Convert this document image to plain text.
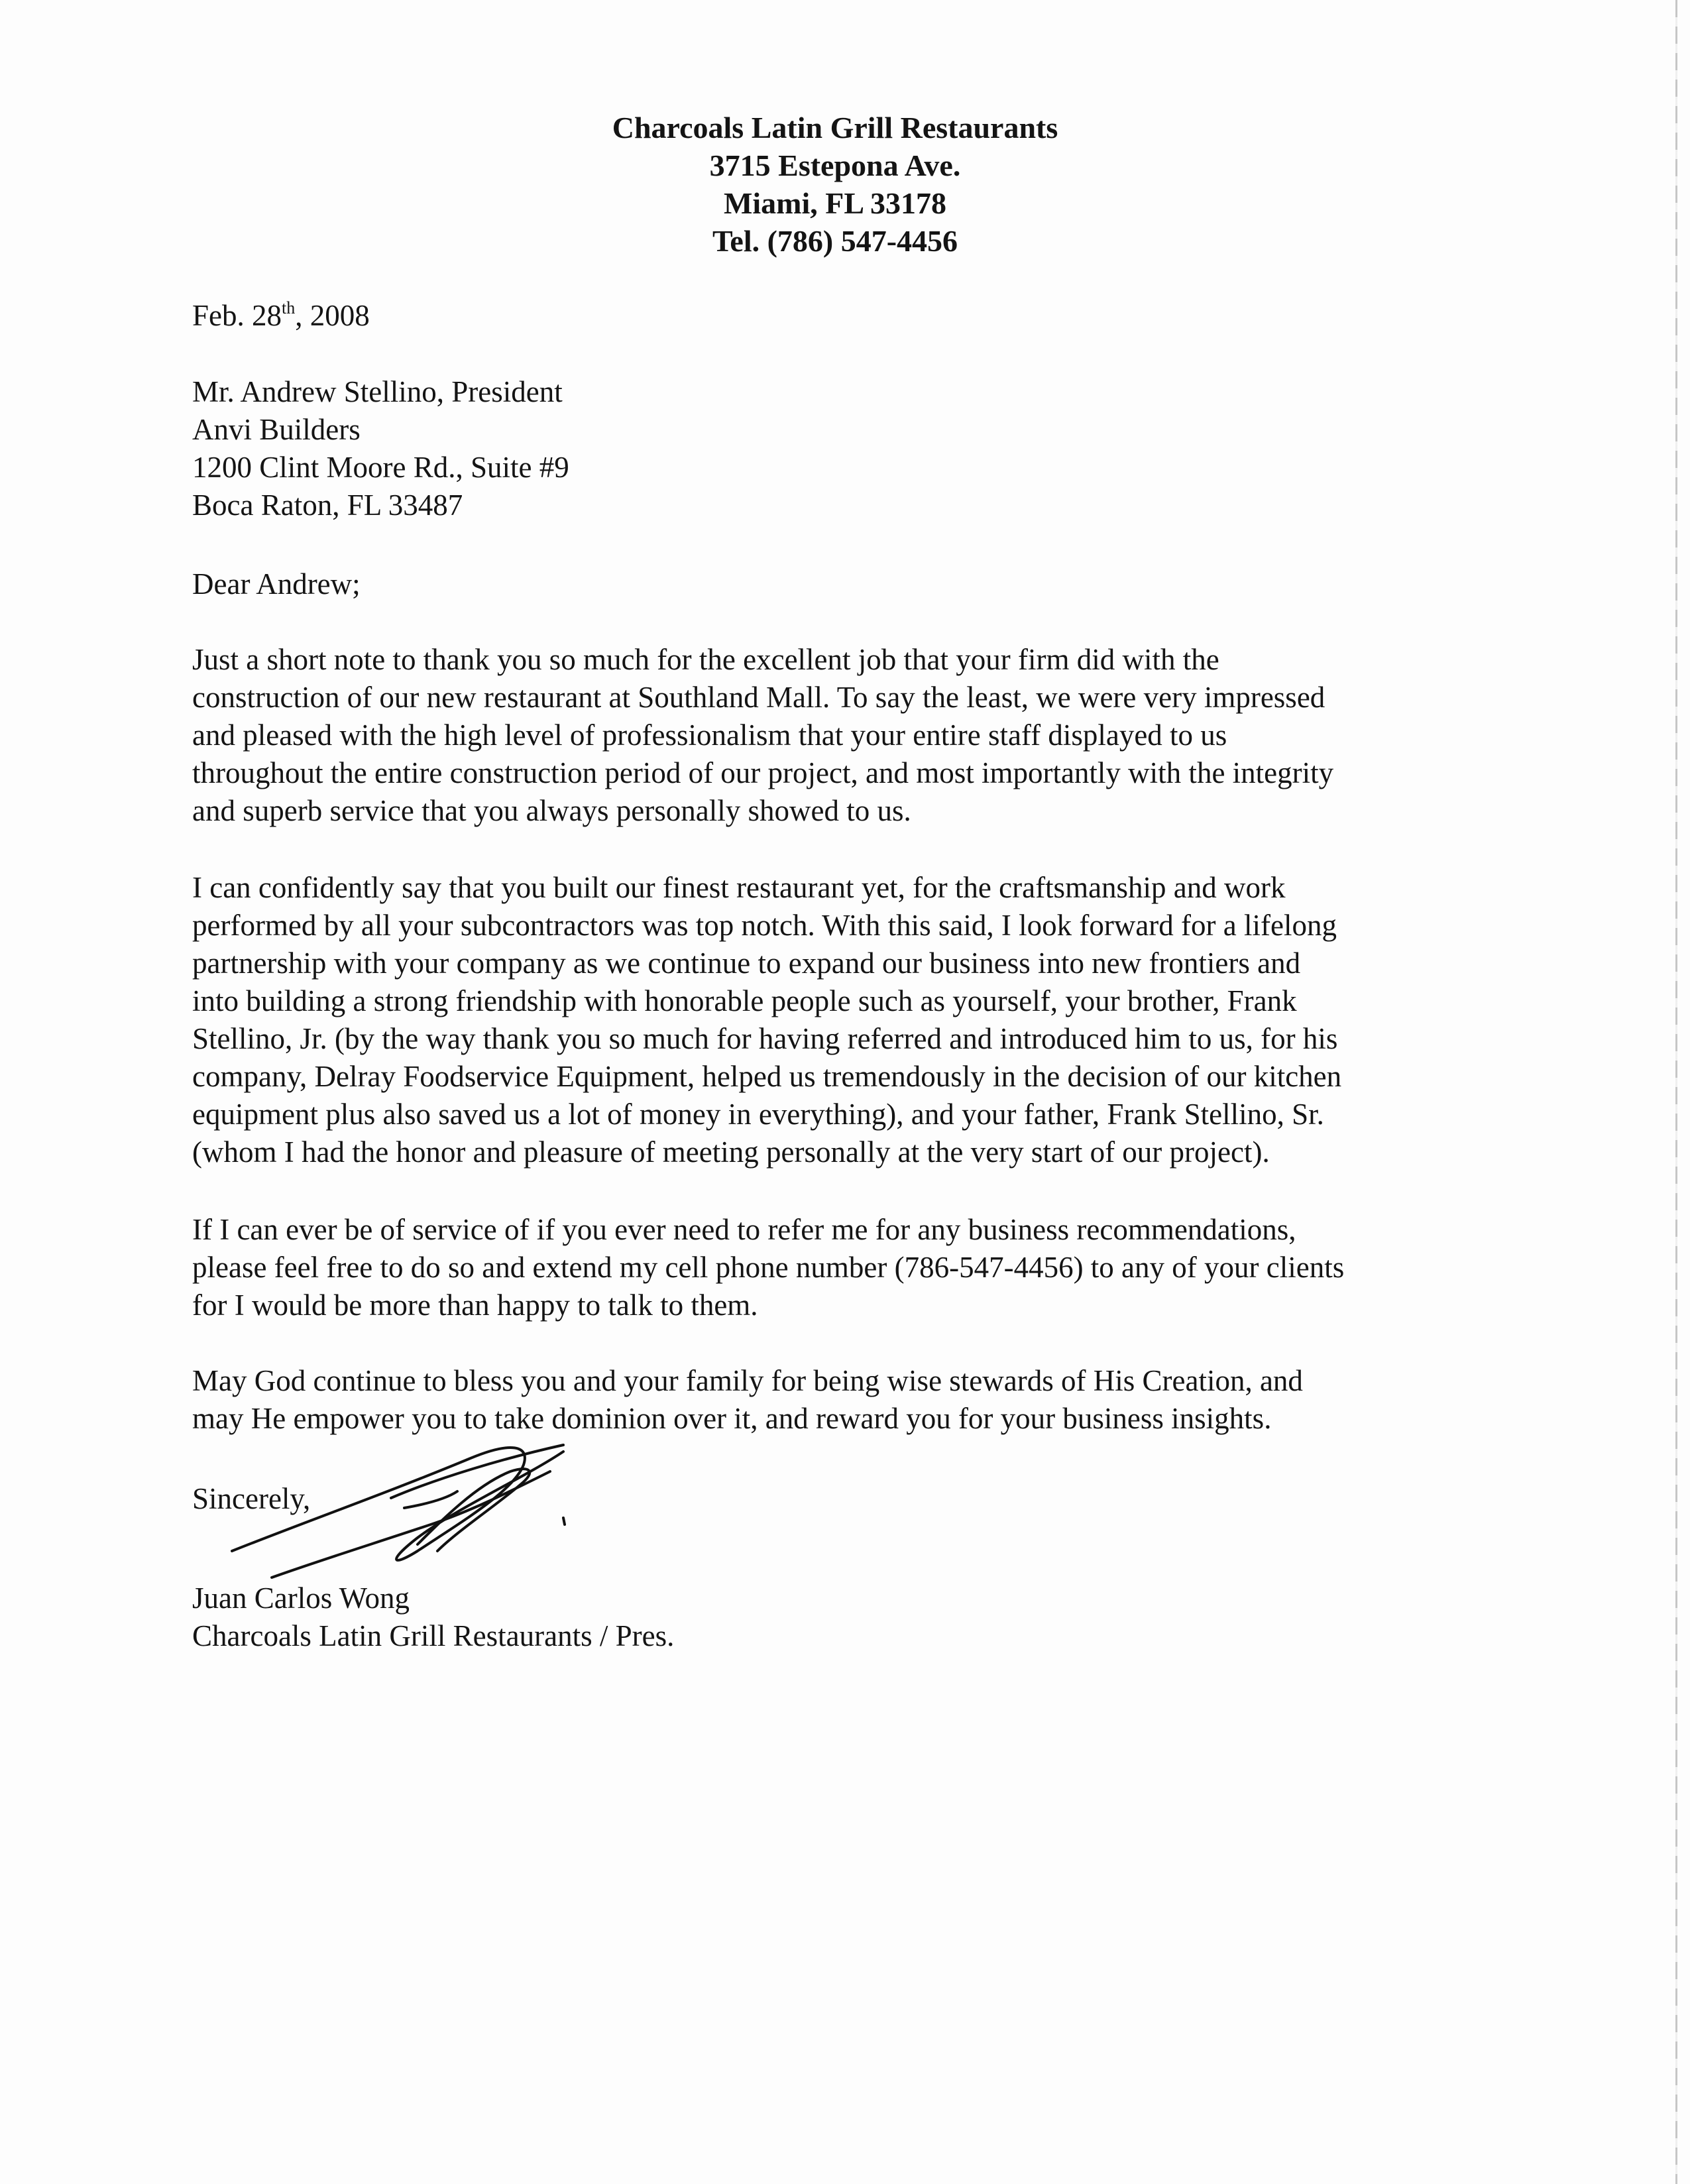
Charcoals Latin Grill Restaurants
3715 Estepona Ave.
Miami, FL 33178
Tel. (786) 547-4456
Feb. 28th, 2008
Mr. Andrew Stellino, President
Anvi Builders
1200 Clint Moore Rd., Suite #9
Boca Raton, FL 33487
Dear Andrew;
Just a short note to thank you so much for the excellent job that your firm did with the
construction of our new restaurant at Southland Mall. To say the least, we were very impressed
and pleased with the high level of professionalism that your entire staff displayed to us
throughout the entire construction period of our project, and most importantly with the integrity
and superb service that you always personally showed to us.
I can confidently say that you built our finest restaurant yet, for the craftsmanship and work
performed by all your subcontractors was top notch. With this said, I look forward for a lifelong
partnership with your company as we continue to expand our business into new frontiers and
into building a strong friendship with honorable people such as yourself, your brother, Frank
Stellino, Jr. (by the way thank you so much for having referred and introduced him to us, for his
company, Delray Foodservice Equipment, helped us tremendously in the decision of our kitchen
equipment plus also saved us a lot of money in everything), and your father, Frank Stellino, Sr.
(whom I had the honor and pleasure of meeting personally at the very start of our project).
If I can ever be of service of if you ever need to refer me for any business recommendations,
please feel free to do so and extend my cell phone number (786-547-4456) to any of your clients
for I would be more than happy to talk to them.
May God continue to bless you and your family for being wise stewards of His Creation, and
may He empower you to take dominion over it, and reward you for your business insights.
Sincerely,
Juan Carlos Wong
Charcoals Latin Grill Restaurants / Pres.
